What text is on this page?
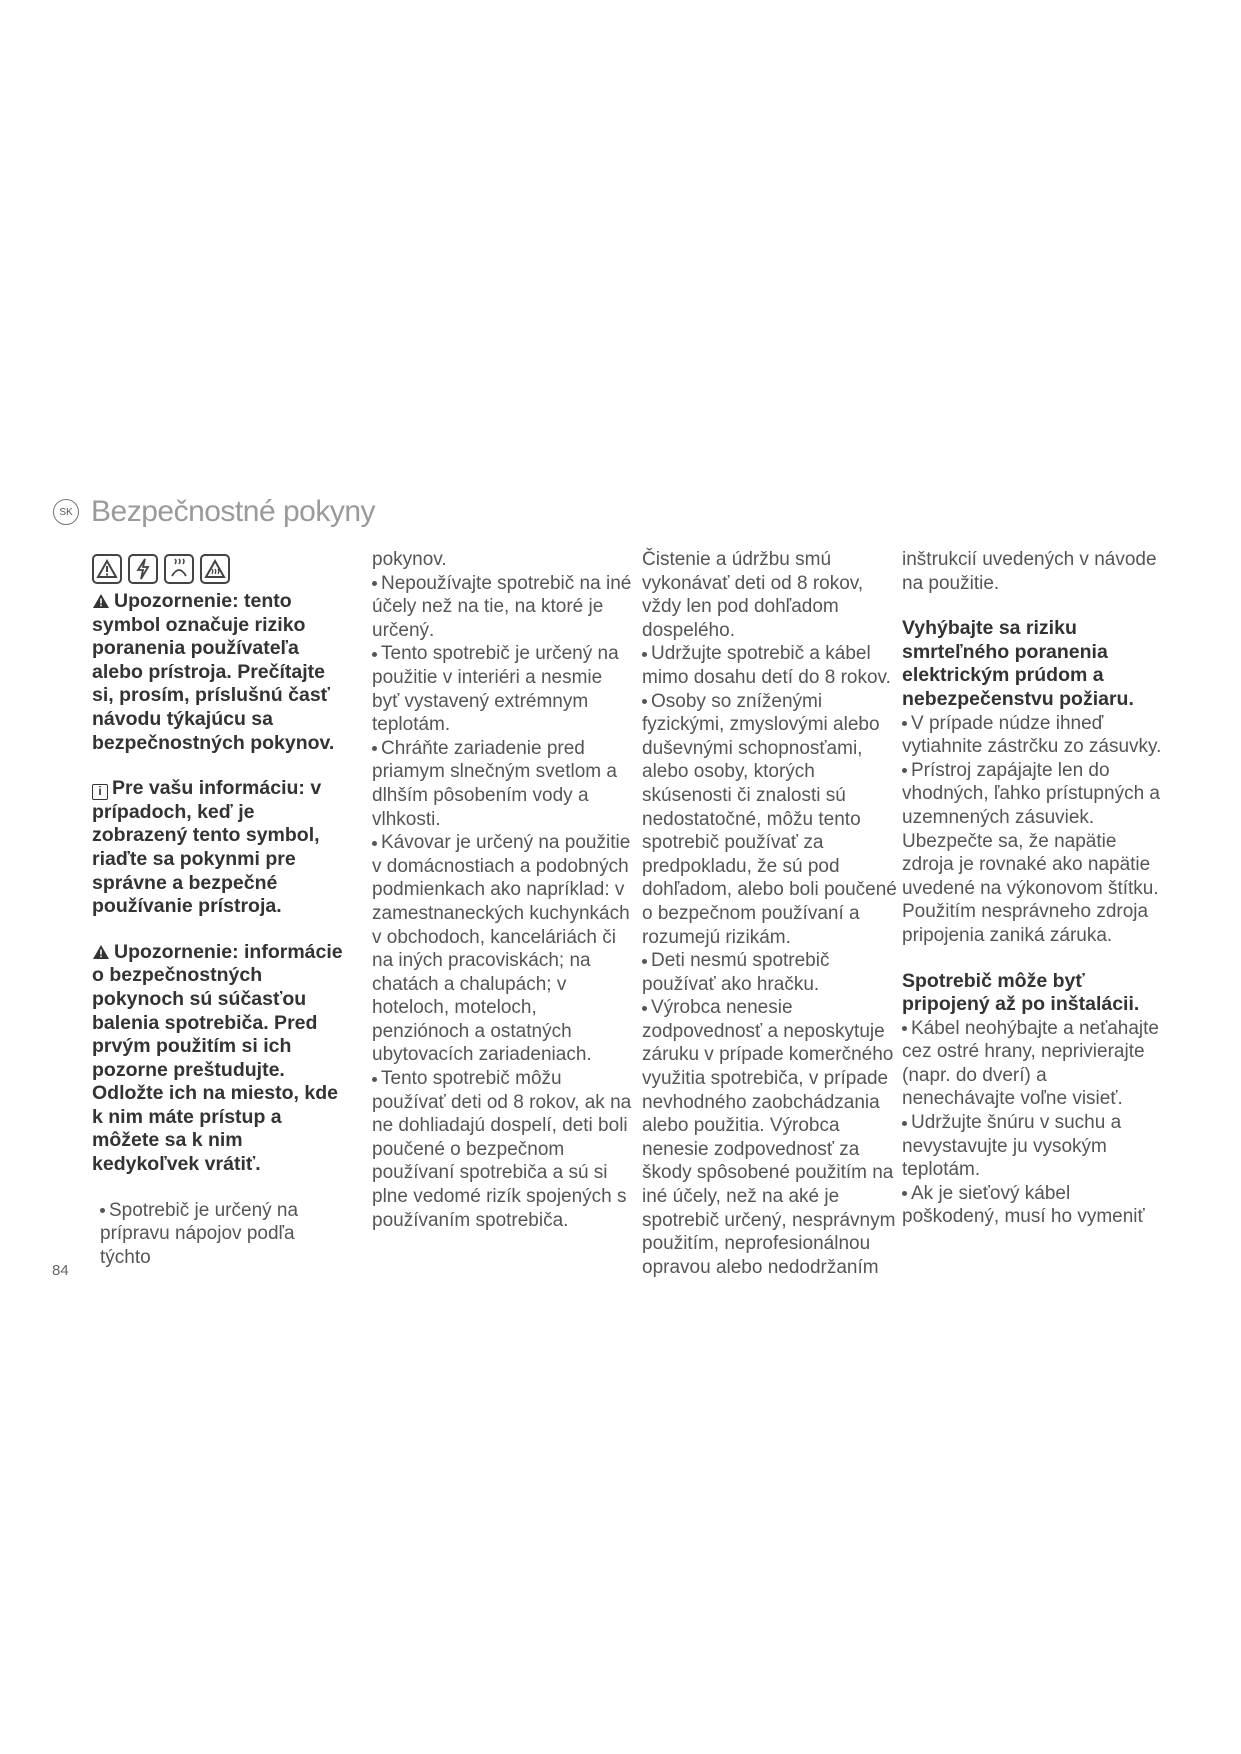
SK Bezpečnostné pokyny

Upozornenie: tento symbol označuje riziko poranenia používateľa alebo prístroja. Prečítajte si, prosím, príslušnú časť návodu týkajúcu sa bezpečnostných pokynov.

i Pre vašu informáciu: v prípadoch, keď je zobrazený tento symbol, riaďte sa pokynmi pre správne a bezpečné používanie prístroja.

Upozornenie: informácie o bezpečnostných pokynoch sú súčasťou balenia spotrebiča. Pred prvým použitím si ich pozorne preštudujte. Odložte ich na miesto, kde k nim máte prístup a môžete sa k nim kedykoľvek vrátiť.

Spotrebič je určený na prípravu nápojov podľa týchto

pokynov.

Nepoužívajte spotrebič na iné účely než na tie, na ktoré je určený.

Tento spotrebič je určený na použitie v interiéri a nesmie byť vystavený extrémnym teplotám.

Chráňte zariadenie pred priamym slnečným svetlom a dlhším pôsobením vody a vlhkosti.

Kávovar je určený na použitie v domácnostiach a podobných podmienkach ako napríklad: v zamestnaneckých kuchynkách v obchodoch, kanceláriách či na iných pracoviskách; na chatách a chalupách; v hoteloch, moteloch, penziónoch a ostatných ubytovacích zariadeniach.

Tento spotrebič môžu používať deti od 8 rokov, ak na ne dohliadajú dospelí, deti boli poučené o bezpečnom používaní spotrebiča a sú si plne vedomé rizík spojených s používaním spotrebiča.

Čistenie a údržbu smú vykonávať deti od 8 rokov, vždy len pod dohľadom dospelého.

Udržujte spotrebič a kábel mimo dosahu detí do 8 rokov.

Osoby so zníženými fyzickými, zmyslovými alebo duševnými schopnosťami, alebo osoby, ktorých skúsenosti či znalosti sú nedostatočné, môžu tento spotrebič používať za predpokladu, že sú pod dohľadom, alebo boli poučené o bezpečnom používaní a rozumejú rizikám.

Deti nesmú spotrebič používať ako hračku.

Výrobca nenesie zodpovednosť a neposkytuje záruku v prípade komerčného využitia spotrebiča, v prípade nevhodného zaobchádzania alebo použitia. Výrobca nenesie zodpovednosť za škody spôsobené použitím na iné účely, než na aké je spotrebič určený, nesprávnym použitím, neprofesionálnou opravou alebo nedodržaním

inštrukcií uvedených v návode na použitie.

Vyhýbajte sa riziku smrteľného poranenia elektrickým prúdom a nebezpečenstvu požiaru.

V prípade núdze ihneď vytiahnite zástrčku zo zásuvky.

Prístroj zapájajte len do vhodných, ľahko prístupných a uzemnených zásuviek. Ubezpečte sa, že napätie zdroja je rovnaké ako napätie uvedené na výkonovom štítku. Použitím nesprávneho zdroja pripojenia zaniká záruka.

Spotrebič môže byť pripojený až po inštalácii.

Kábel neohýbajte a neťahajte cez ostré hrany, neprivierajte (napr. do dverí) a nenechávajte voľne visieť.

Udržujte šnúru v suchu a nevystavujte ju vysokým teplotám.

Ak je sieťový kábel poškodený, musí ho vymeniť

84
